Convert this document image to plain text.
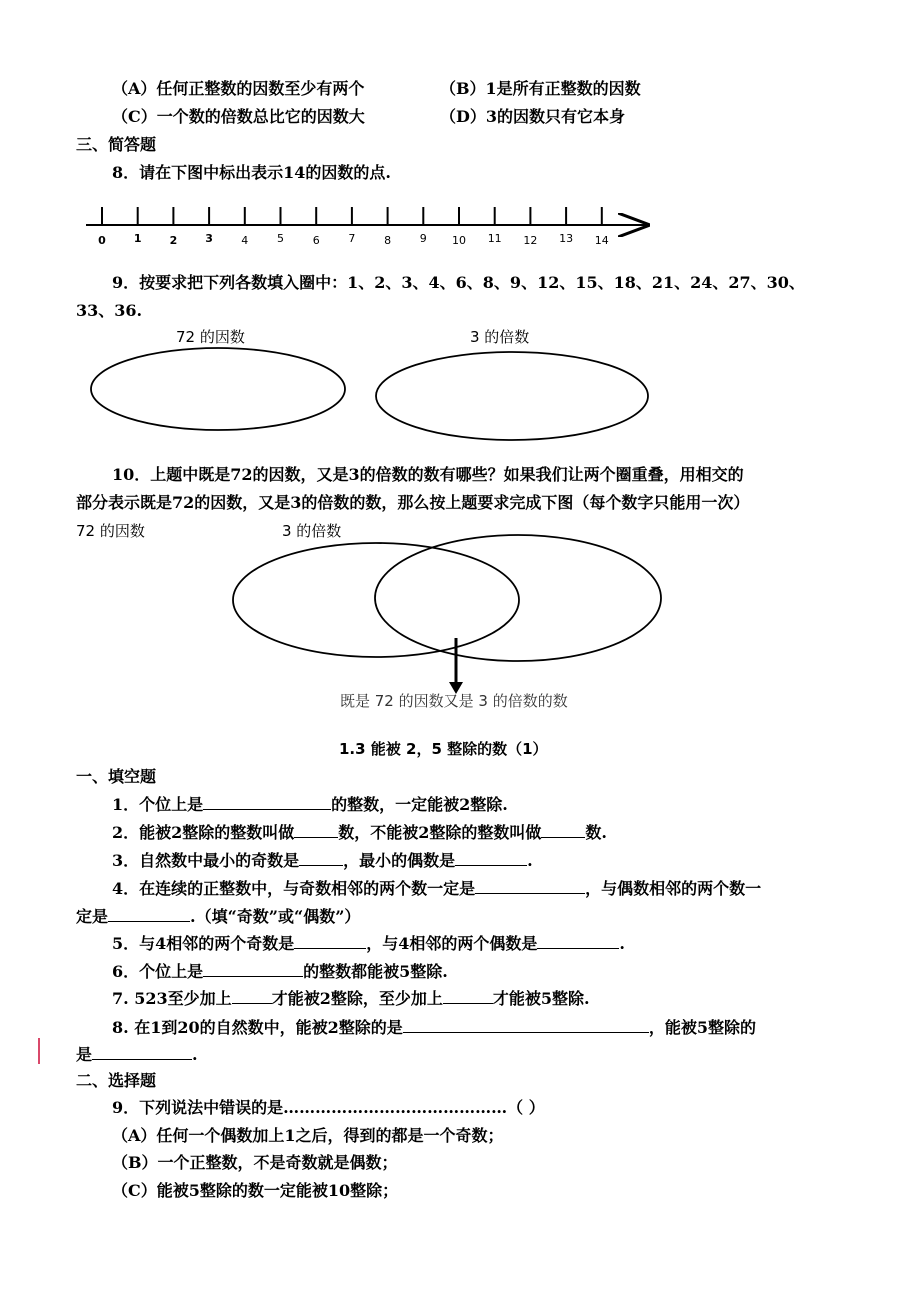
（A）任何正整数的因数至少有两个	（B）1是所有正整数的因数
（C）一个数的倍数总比它的因数大	（D）3的因数只有它本身
三、简答题
8．请在下图中标出表示14的因数的点.
0	1	2	3	4	5	6	7	8	9 10 11 12 13 14
9．按要求把下列各数填入圈中：1、2、3、4、6、8、9、12、15、18、21、24、27、30、
33、36.
72 的因数	3 的倍数
10．上题中既是72的因数，又是3的倍数的数有哪些？如果我们让两个圈重叠，用相交的
部分表示既是72的因数，又是3的倍数的数，那么按上题要求完成下图（每个数字只能用一次）
72 的因数	3 的倍数
既是 72 的因数又是 3 的倍数的数
1.3 能被 2，5 整除的数（1）
一、填空题
1．个位上是	的整数，一定能被2整除.
2．能被2整除的整数叫做	数，不能被2整除的整数叫做	数.
3．自然数中最小的奇数是	，最小的偶数是	.
4．在连续的正整数中，与奇数相邻的两个数一定是	，与偶数相邻的两个数一
定是	.（填“奇数”或“偶数”）
5．与4相邻的两个奇数是	，与4相邻的两个偶数是	.
6．个位上是	的整数都能被5整除.
7. 523至少加上	才能被2整除，至少加上	才能被5整除.
8. 在1到20的自然数中，能被2整除的是	，能被5整除的
是	.
二、选择题
9．下列说法中错误的是……………………………………（ ）
（A）任何一个偶数加上1之后，得到的都是一个奇数；
（B）一个正整数，不是奇数就是偶数；
（C）能被5整除的数一定能被10整除；
